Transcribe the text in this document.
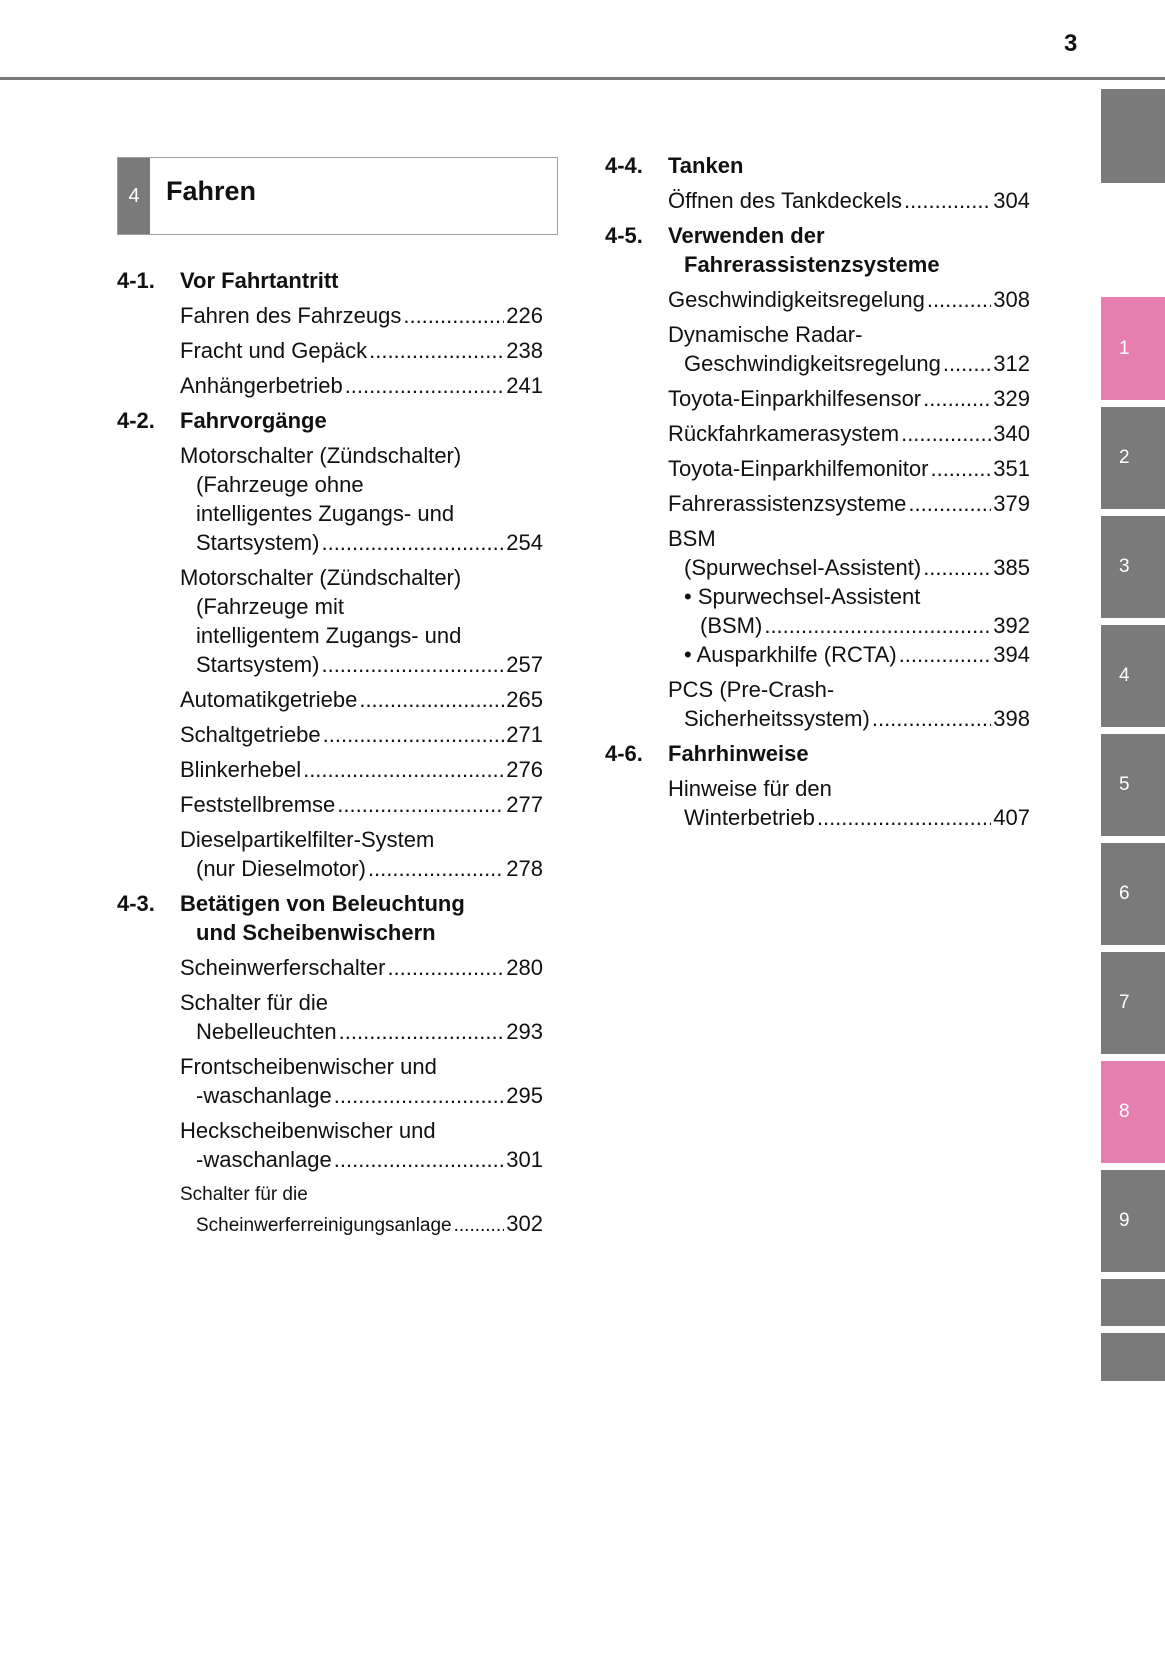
3
1
2
3
4
5
6
7
8
9
4 Fahren
4-1.	Vor Fahrtantritt
Fahren des Fahrzeugs .....	226
Fracht und Gepäck .....	238
Anhängerbetrieb .....	241
4-2.	Fahrvorgänge
Motorschalter (Zündschalter)
(Fahrzeuge ohne
intelligentes Zugangs- und
Startsystem) .....	254
Motorschalter (Zündschalter)
(Fahrzeuge mit
intelligentem Zugangs- und
Startsystem) .....	257
Automatikgetriebe .....	265
Schaltgetriebe .....	271
Blinkerhebel .....	276
Feststellbremse .....	277
Dieselpartikelfilter-System
(nur Dieselmotor) .....	278
4-3.	Betätigen von Beleuchtung
und Scheibenwischern
Scheinwerferschalter .....	280
Schalter für die
Nebelleuchten .....	293
Frontscheibenwischer und
-waschanlage .....	295
Heckscheibenwischer und
-waschanlage .....	301
Schalter für die
Scheinwerferreinigungsanlage ..... 302
4-4.	Tanken
Öffnen des Tankdeckels .....	304
4-5.	Verwenden der
Fahrerassistenzsysteme
Geschwindigkeitsregelung .....	308
Dynamische Radar-
Geschwindigkeitsregelung ..... 312
Toyota-Einparkhilfesensor .....	329
Rückfahrkamerasystem .....	340
Toyota-Einparkhilfemonitor .....	351
Fahrerassistenzsysteme .....	379
BSM
(Spurwechsel-Assistent) .....	385
• Spurwechsel-Assistent
(BSM) .....	392
• Ausparkhilfe (RCTA) .....	394
PCS (Pre-Crash-
Sicherheitssystem) .....	398
4-6.	Fahrhinweise
Hinweise für den
Winterbetrieb .....	407
